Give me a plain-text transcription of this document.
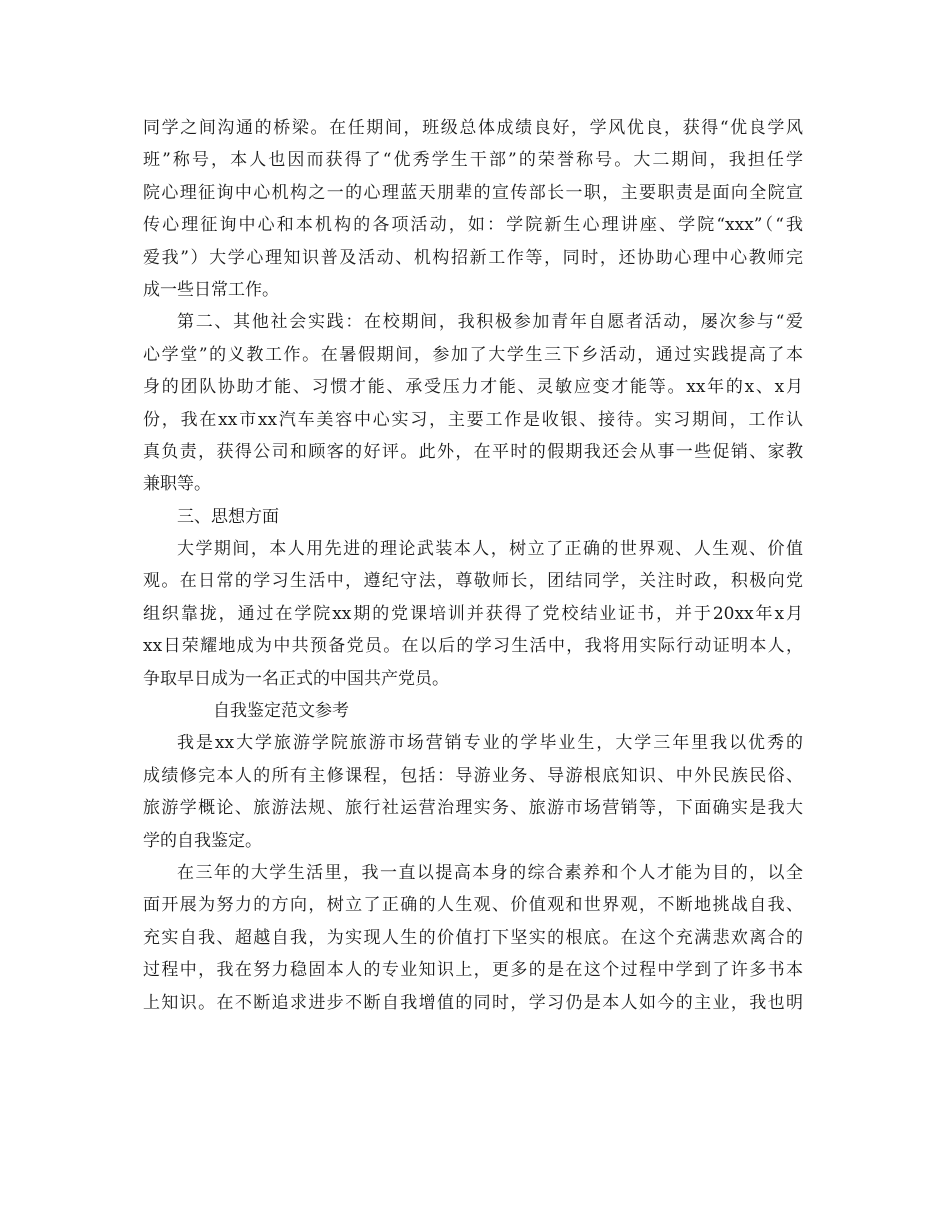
同学之间沟通的桥梁。在任期间，班级总体成绩良好，学风优良，获得“优良学风
班”称号，本人也因而获得了“优秀学生干部”的荣誉称号。大二期间，我担任学
院心理征询中心机构之一的心理蓝天朋辈的宣传部长一职，主要职责是面向全院宣
传心理征询中心和本机构的各项活动，如：学院新生心理讲座、学院“xxx”（“我
爱我”）大学心理知识普及活动、机构招新工作等，同时，还协助心理中心教师完
成一些日常工作。
第二、其他社会实践：在校期间，我积极参加青年自愿者活动，屡次参与“爱
心学堂”的义教工作。在暑假期间，参加了大学生三下乡活动，通过实践提高了本
身的团队协助才能、习惯才能、承受压力才能、灵敏应变才能等。xx年的x、x月
份，我在xx市xx汽车美容中心实习，主要工作是收银、接待。实习期间，工作认
真负责，获得公司和顾客的好评。此外，在平时的假期我还会从事一些促销、家教
兼职等。
三、思想方面
大学期间，本人用先进的理论武装本人，树立了正确的世界观、人生观、价值
观。在日常的学习生活中，遵纪守法，尊敬师长，团结同学，关注时政，积极向党
组织靠拢，通过在学院xx期的党课培训并获得了党校结业证书，并于20xx年x月
xx日荣耀地成为中共预备党员。在以后的学习生活中，我将用实际行动证明本人，
争取早日成为一名正式的中国共产党员。
自我鉴定范文参考
我是xx大学旅游学院旅游市场营销专业的学毕业生，大学三年里我以优秀的
成绩修完本人的所有主修课程，包括：导游业务、导游根底知识、中外民族民俗、
旅游学概论、旅游法规、旅行社运营治理实务、旅游市场营销等，下面确实是我大
学的自我鉴定。
在三年的大学生活里，我一直以提高本身的综合素养和个人才能为目的，以全
面开展为努力的方向，树立了正确的人生观、价值观和世界观，不断地挑战自我、
充实自我、超越自我，为实现人生的价值打下坚实的根底。在这个充满悲欢离合的
过程中，我在努力稳固本人的专业知识上，更多的是在这个过程中学到了许多书本
上知识。在不断追求进步不断自我增值的同时，学习仍是本人如今的主业，我也明
